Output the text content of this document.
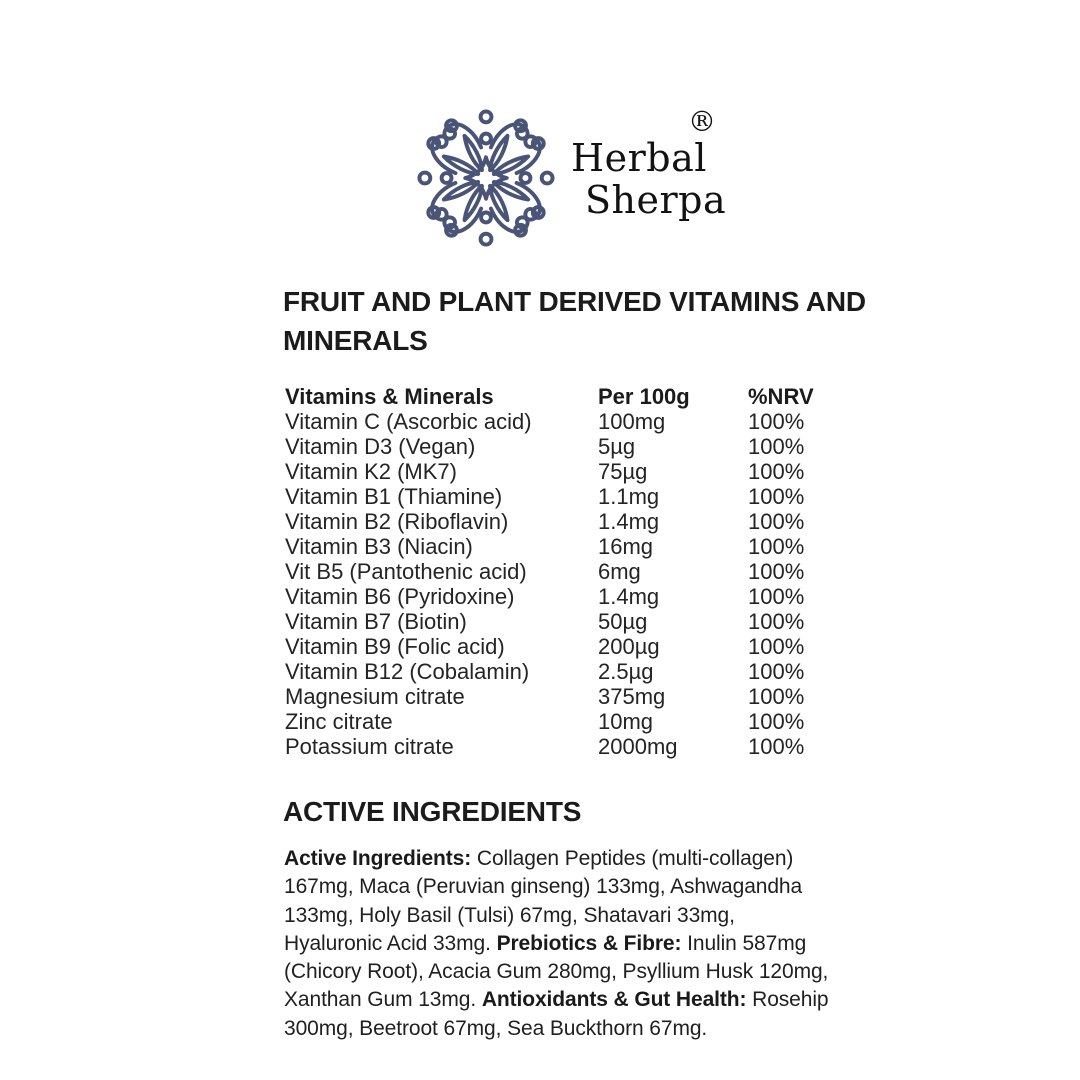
Herbal
Sherpa
®
FRUIT AND PLANT DERIVED VITAMINS AND MINERALS
Vitamins & Minerals	Per 100g	%NRV
Vitamin C (Ascorbic acid)	100mg	100%
Vitamin D3 (Vegan)	5µg	100%
Vitamin K2 (MK7)	75µg	100%
Vitamin B1 (Thiamine)	1.1mg	100%
Vitamin B2 (Riboflavin)	1.4mg	100%
Vitamin B3 (Niacin)	16mg	100%
Vit B5 (Pantothenic acid)	6mg	100%
Vitamin B6 (Pyridoxine)	1.4mg	100%
Vitamin B7 (Biotin)	50µg	100%
Vitamin B9 (Folic acid)	200µg	100%
Vitamin B12 (Cobalamin)	2.5µg	100%
Magnesium citrate	375mg	100%
Zinc citrate	10mg	100%
Potassium citrate	2000mg	100%
ACTIVE INGREDIENTS
Active Ingredients: Collagen Peptides (multi-collagen) 167mg, Maca (Peruvian ginseng) 133mg, Ashwagandha 133mg, Holy Basil (Tulsi) 67mg, Shatavari 33mg, Hyaluronic Acid 33mg. Prebiotics & Fibre: Inulin 587mg (Chicory Root), Acacia Gum 280mg, Psyllium Husk 120mg, Xanthan Gum 13mg. Antioxidants & Gut Health: Rosehip 300mg, Beetroot 67mg, Sea Buckthorn 67mg.
